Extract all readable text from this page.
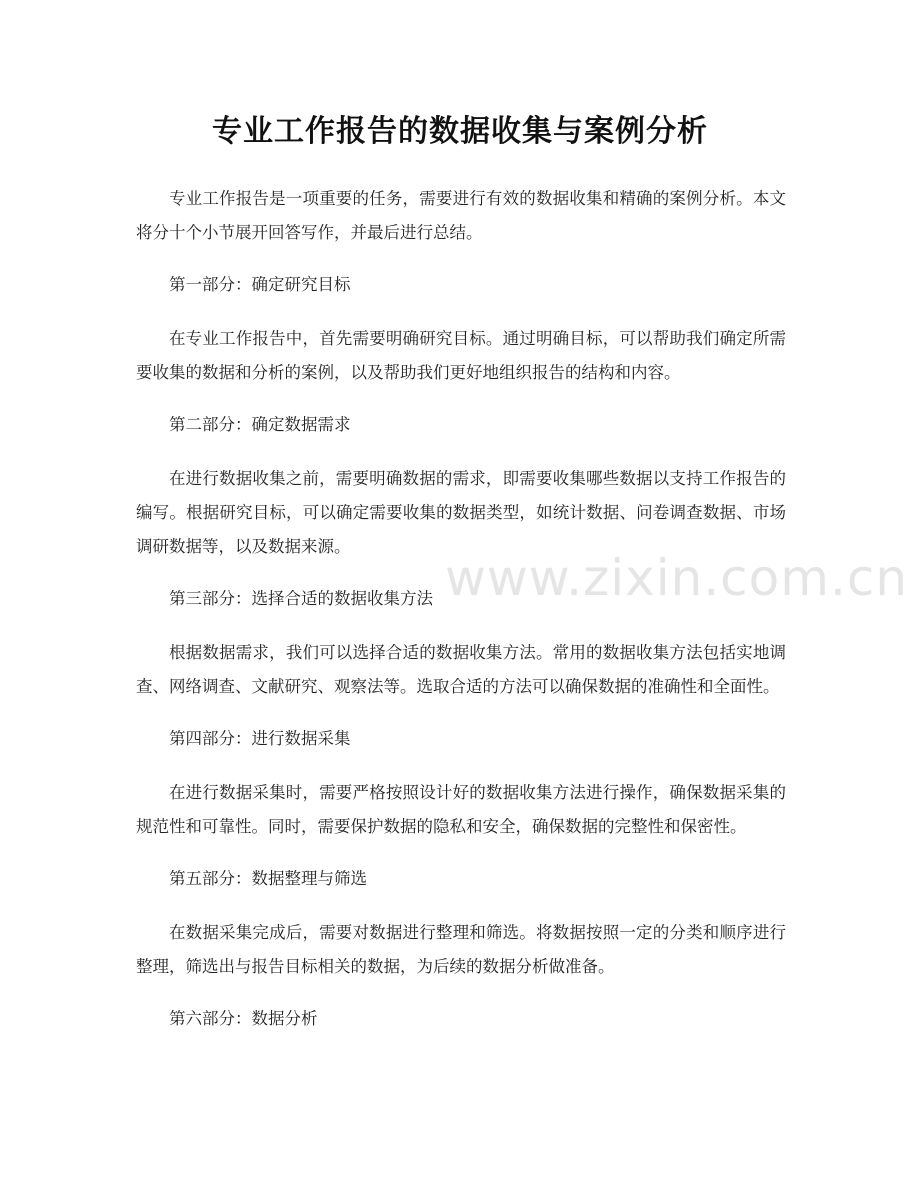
专业工作报告的数据收集与案例分析

专业工作报告是一项重要的任务，需要进行有效的数据收集和精确的案例分析。本文将分十个小节展开回答写作，并最后进行总结。

第一部分：确定研究目标

在专业工作报告中，首先需要明确研究目标。通过明确目标，可以帮助我们确定所需要收集的数据和分析的案例，以及帮助我们更好地组织报告的结构和内容。

第二部分：确定数据需求

在进行数据收集之前，需要明确数据的需求，即需要收集哪些数据以支持工作报告的编写。根据研究目标，可以确定需要收集的数据类型，如统计数据、问卷调查数据、市场调研数据等，以及数据来源。

第三部分：选择合适的数据收集方法

根据数据需求，我们可以选择合适的数据收集方法。常用的数据收集方法包括实地调查、网络调查、文献研究、观察法等。选取合适的方法可以确保数据的准确性和全面性。

第四部分：进行数据采集

在进行数据采集时，需要严格按照设计好的数据收集方法进行操作，确保数据采集的规范性和可靠性。同时，需要保护数据的隐私和安全，确保数据的完整性和保密性。

第五部分：数据整理与筛选

在数据采集完成后，需要对数据进行整理和筛选。将数据按照一定的分类和顺序进行整理，筛选出与报告目标相关的数据，为后续的数据分析做准备。

第六部分：数据分析

www.zixin.com.cn
